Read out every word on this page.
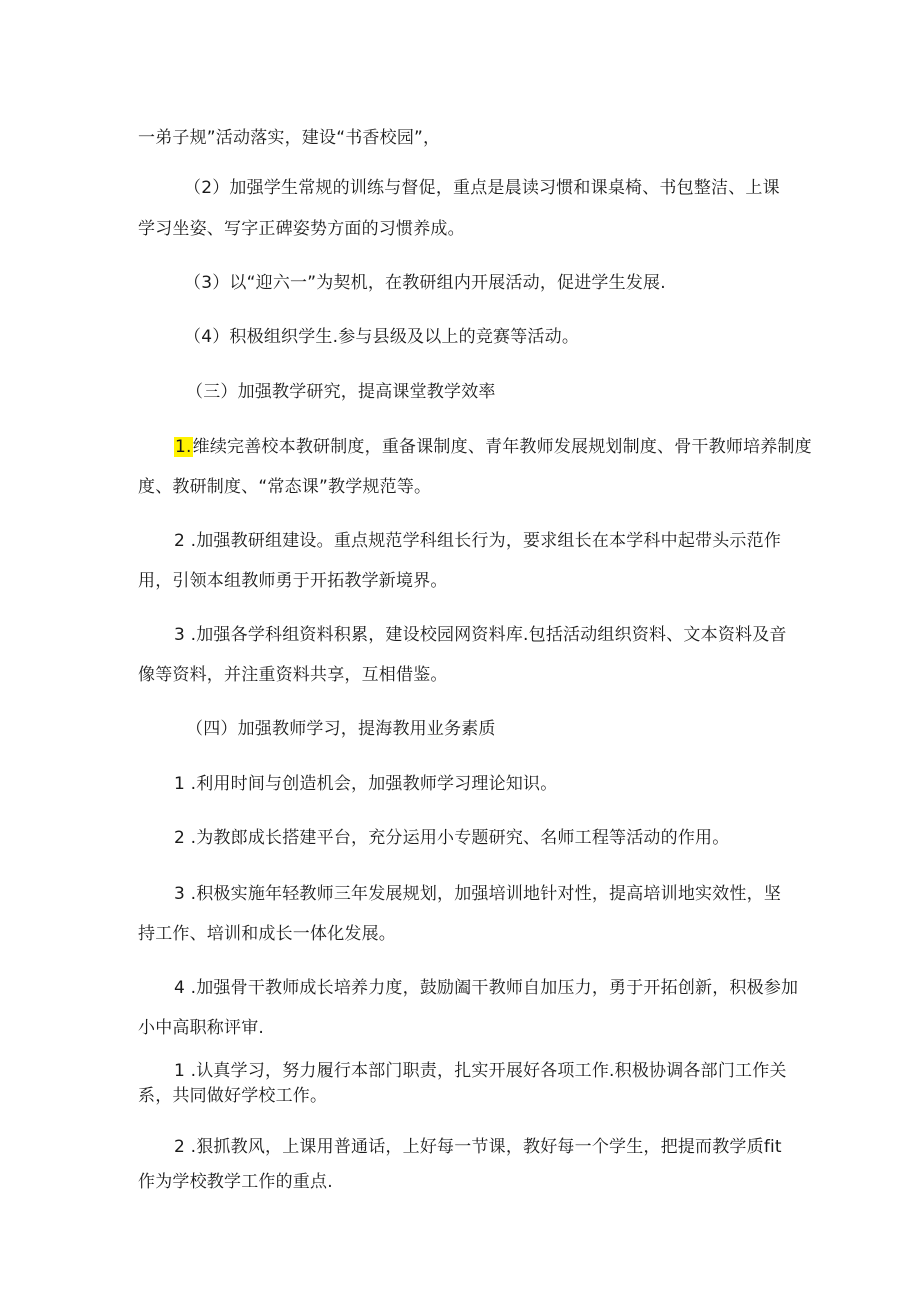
一弟子规”活动落实，建设“书香校园”，
（2）加强学生常规的训练与督促，重点是晨读习惯和课桌椅、书包整洁、上课
学习坐姿、写字正碑姿势方面的习惯养成。
（3）以“迎六一”为契机，在教研组内开展活动，促进学生发展.
（4）积极组织学生.参与县级及以上的竞赛等活动。
（三）加强教学研究，提高课堂教学效率
1.维续完善校本教研制度，重备课制度、青年教师发展规划制度、骨干教师培养制度
度、教研制度、“常态课”教学规范等。
2 .加强教研组建设。重点规范学科组长行为，要求组长在本学科中起带头示范作
用，引领本组教师勇于开拓教学新境界。
3 .加强各学科组资料积累，建设校园网资料库.包括活动组织资料、文本资料及音
像等资料，并注重资料共享，互相借鉴。
（四）加强教师学习，提海教用业务素质
1 .利用时间与创造机会，加强教师学习理论知识。
2 .为教郎成长搭建平台，充分运用小专题研究、名师工程等活动的作用。
3 .积极实施年轻教师三年发展规划，加强培训地针对性，提高培训地实效性，坚
持工作、培训和成长一体化发展。
4 .加强骨干教师成长培养力度，鼓励阖干教师自加压力，勇于开拓创新，积极参加
小中高职称评审.
1 .认真学习，努力履行本部门职责，扎实开展好各项工作.积极协调各部门工作关
系，共同做好学校工作。
2 .狠抓教风，上课用普通话，上好每一节课，教好每一个学生，把提而教学质fit
作为学校教学工作的重点.
